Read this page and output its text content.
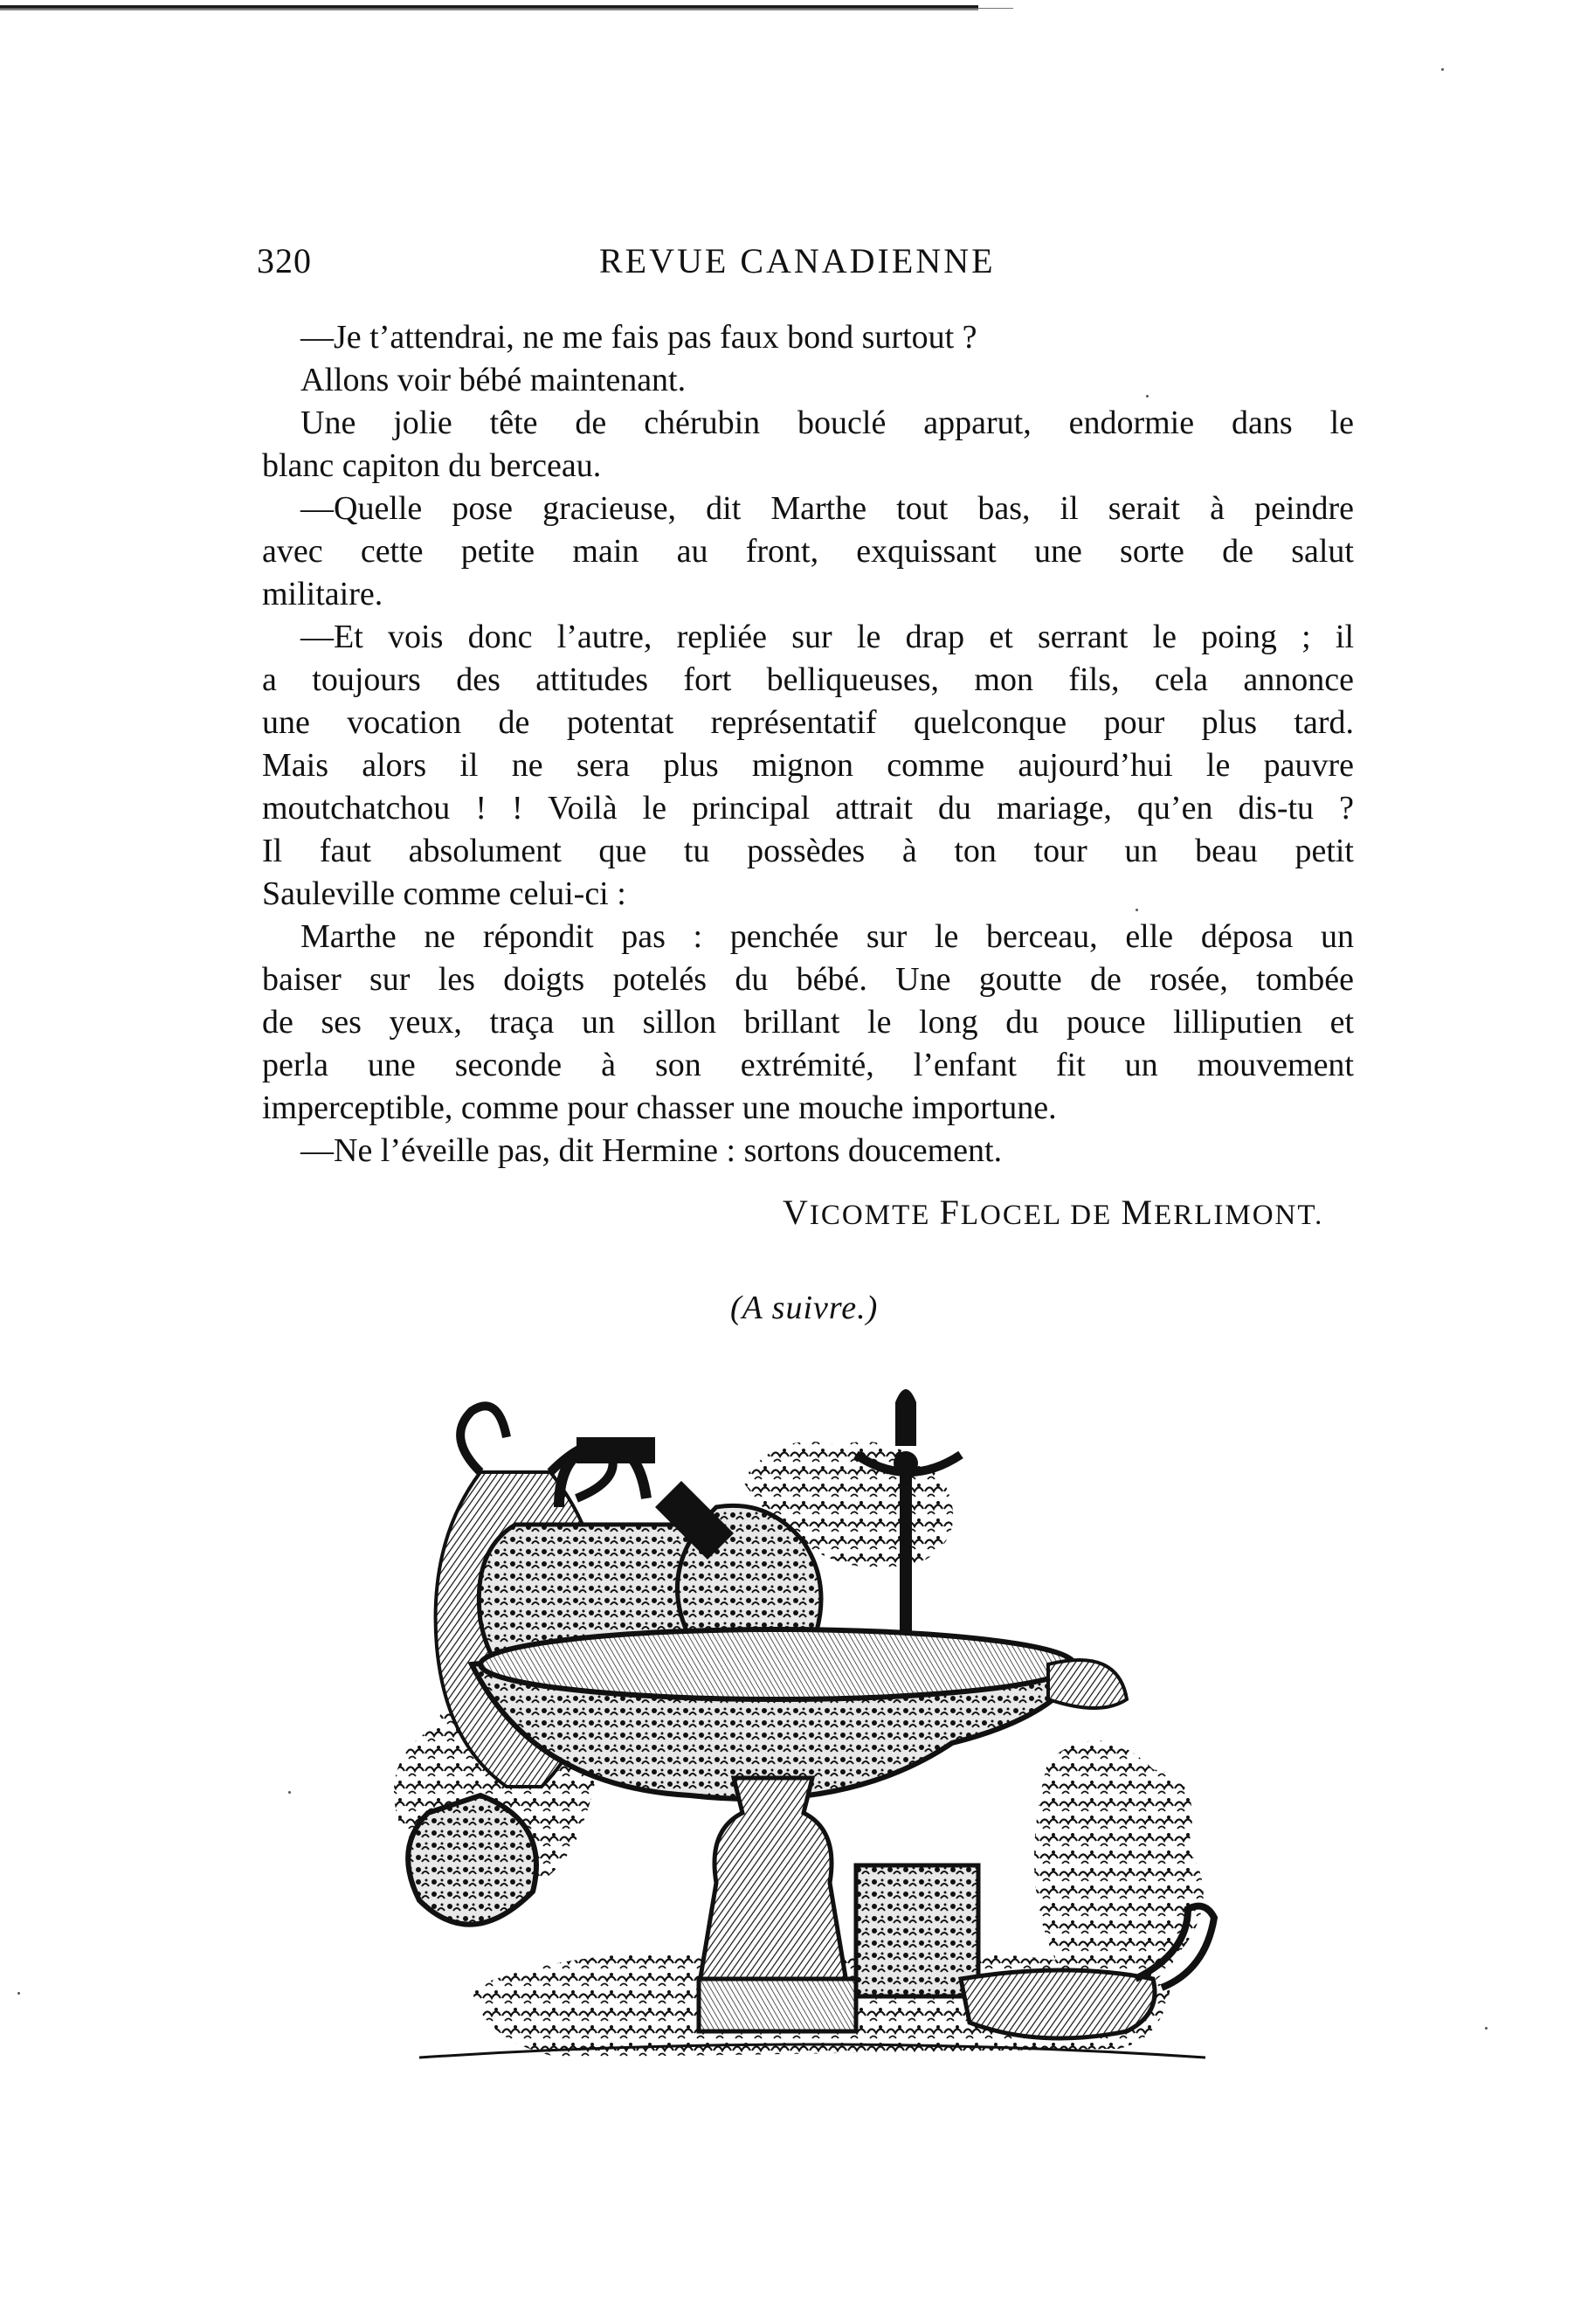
320	REVUE CANADIENNE
—Je t’attendrai, ne me fais pas faux bond surtout ?
Allons voir bébé maintenant.
Une jolie tête de chérubin bouclé apparut, endormie dans le
blanc capiton du berceau.
—Quelle pose gracieuse, dit Marthe tout bas, il serait à peindre
avec cette petite main au front, exquissant une sorte de salut
militaire.
—Et vois donc l’autre, repliée sur le drap et serrant le poing ; il
a toujours des attitudes fort belliqueuses, mon fils, cela annonce
une vocation de potentat représentatif quelconque pour plus tard.
Mais alors il ne sera plus mignon comme aujourd’hui le pauvre
moutchatchou ! ! Voilà le principal attrait du mariage, qu’en dis-tu ?
Il faut absolument que tu possèdes à ton tour un beau petit
Sauleville comme celui-ci :
Marthe ne répondit pas : penchée sur le berceau, elle déposa un
baiser sur les doigts potelés du bébé. Une goutte de rosée, tombée
de ses yeux, traça un sillon brillant le long du pouce lilliputien et
perla une seconde à son extrémité, l’enfant fit un mouvement
imperceptible, comme pour chasser une mouche importune.
—Ne l’éveille pas, dit Hermine : sortons doucement.
VICOMTE FLOCEL DE MERLIMONT.
(A suivre.)
